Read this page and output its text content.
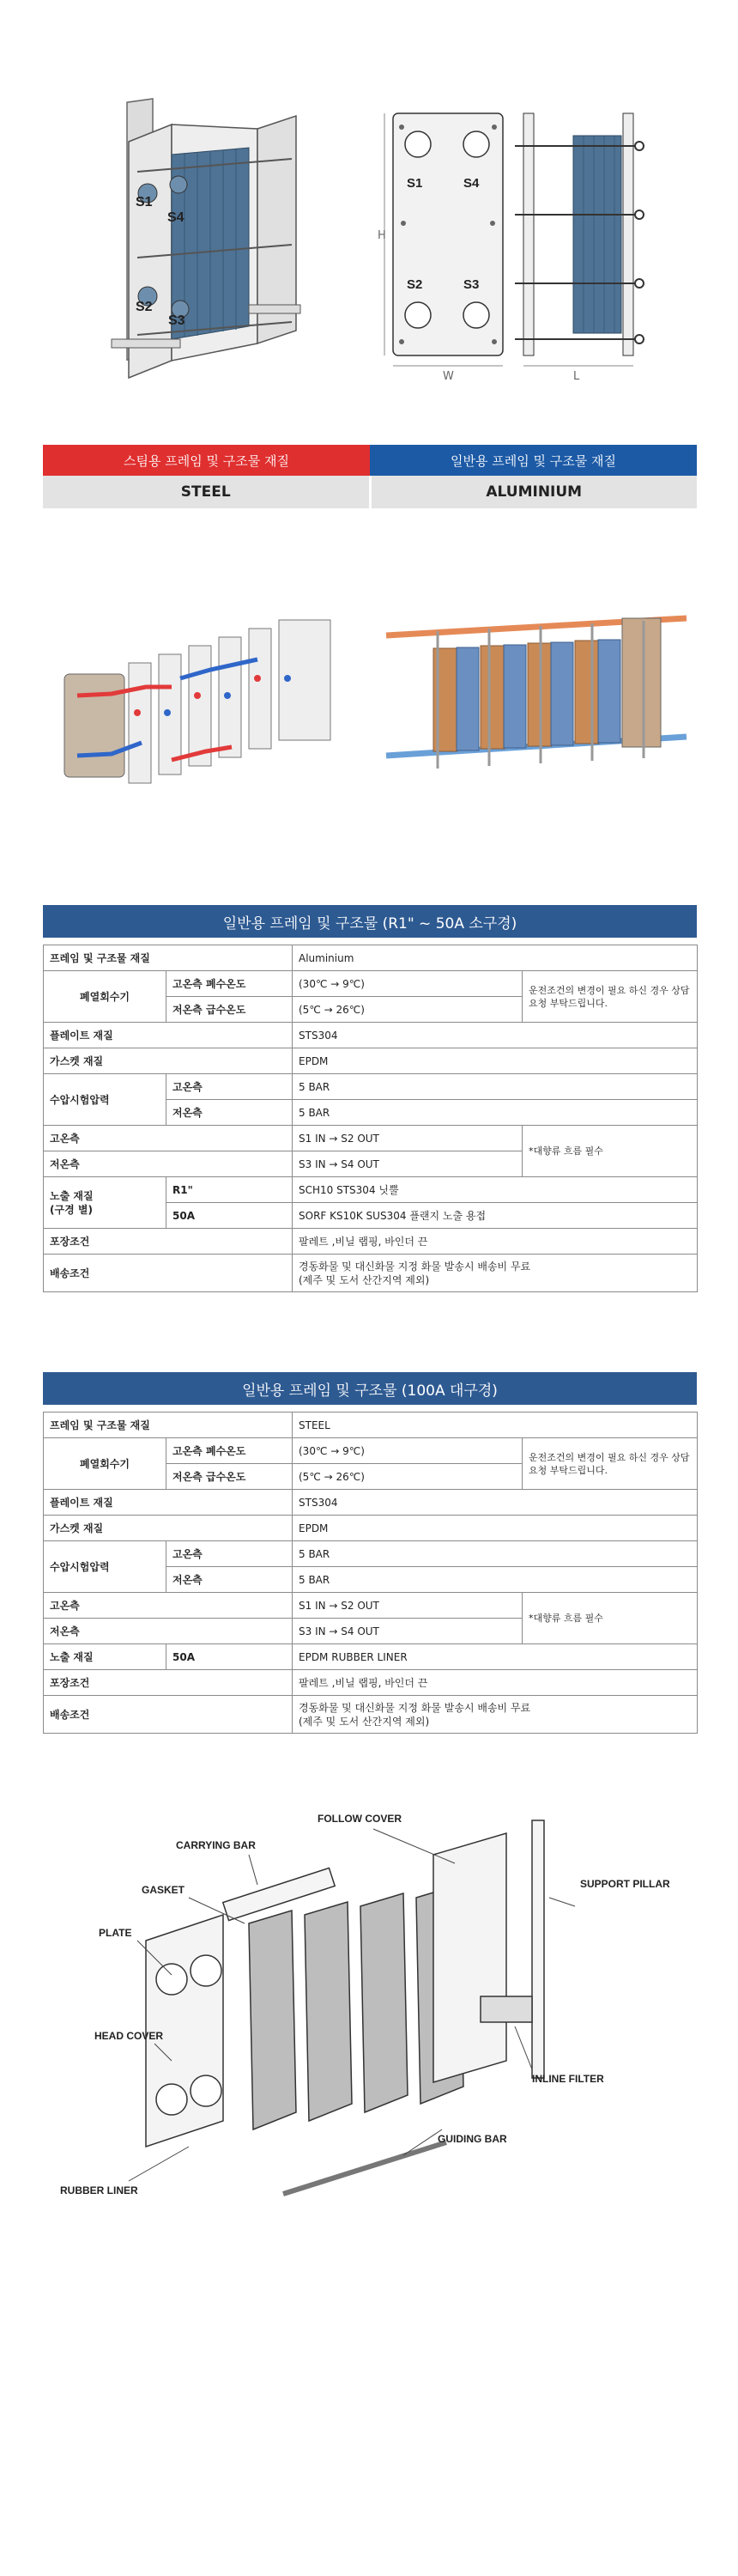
S1
S4
S2
S3
S1	S4
S2	S3
H
W	L
스팀용 프레임 및 구조물 재질	일반용 프레임 및 구조물 재질
STEEL	ALUMINIUM
일반용 프레임 및 구조물 (R1" ~ 50A 소구경)
프레임 및 구조물 재질		Aluminium	
폐열회수기	고온측 폐수온도	(30℃ → 9℃)	운전조건의 변경이 필요 하신 경우 상담요청 부탁드립니다.
	저온측 급수온도	(5℃ → 26℃)	
플레이트 재질		STS304	
가스켓 재질		EPDM	
수압시험압력	고온측	5 BAR	
	저온측	5 BAR	
고온측		S1 IN → S2 OUT	*대향류 흐름 필수
저온측		S3 IN → S4 OUT	
노출 재질
(구경 별)	R1"	SCH10 STS304 닛뿔	
	50A	SORF KS10K SUS304 플랜지 노출 용접	
포장조건		팔레트 ,비닐 랩핑, 바인더 끈	
배송조건		경동화물 및 대신화물 지정 화물 발송시 배송비 무료
(제주 및 도서 산간지역 제외)	
일반용 프레임 및 구조물 (100A 대구경)
프레임 및 구조물 재질		STEEL	
폐열회수기	고온측 폐수온도	(30℃ → 9℃)	운전조건의 변경이 필요 하신 경우 상담요청 부탁드립니다.
	저온측 급수온도	(5℃ → 26℃)	
플레이트 재질		STS304	
가스켓 재질		EPDM	
수압시험압력	고온측	5 BAR	
	저온측	5 BAR	
고온측		S1 IN → S2 OUT	*대향류 흐름 필수
저온측		S3 IN → S4 OUT	
노출 재질	50A	EPDM RUBBER LINER	
포장조건		팔레트 ,비닐 랩핑, 바인더 끈	
배송조건		경동화물 및 대신화물 지정 화물 발송시 배송비 무료
(제주 및 도서 산간지역 제외)	
FOLLOW COVER
CARRYING BAR
SUPPORT PILLAR
GASKET
PLATE
HEAD COVER
INLINE FILTER
GUIDING BAR
RUBBER LINER
